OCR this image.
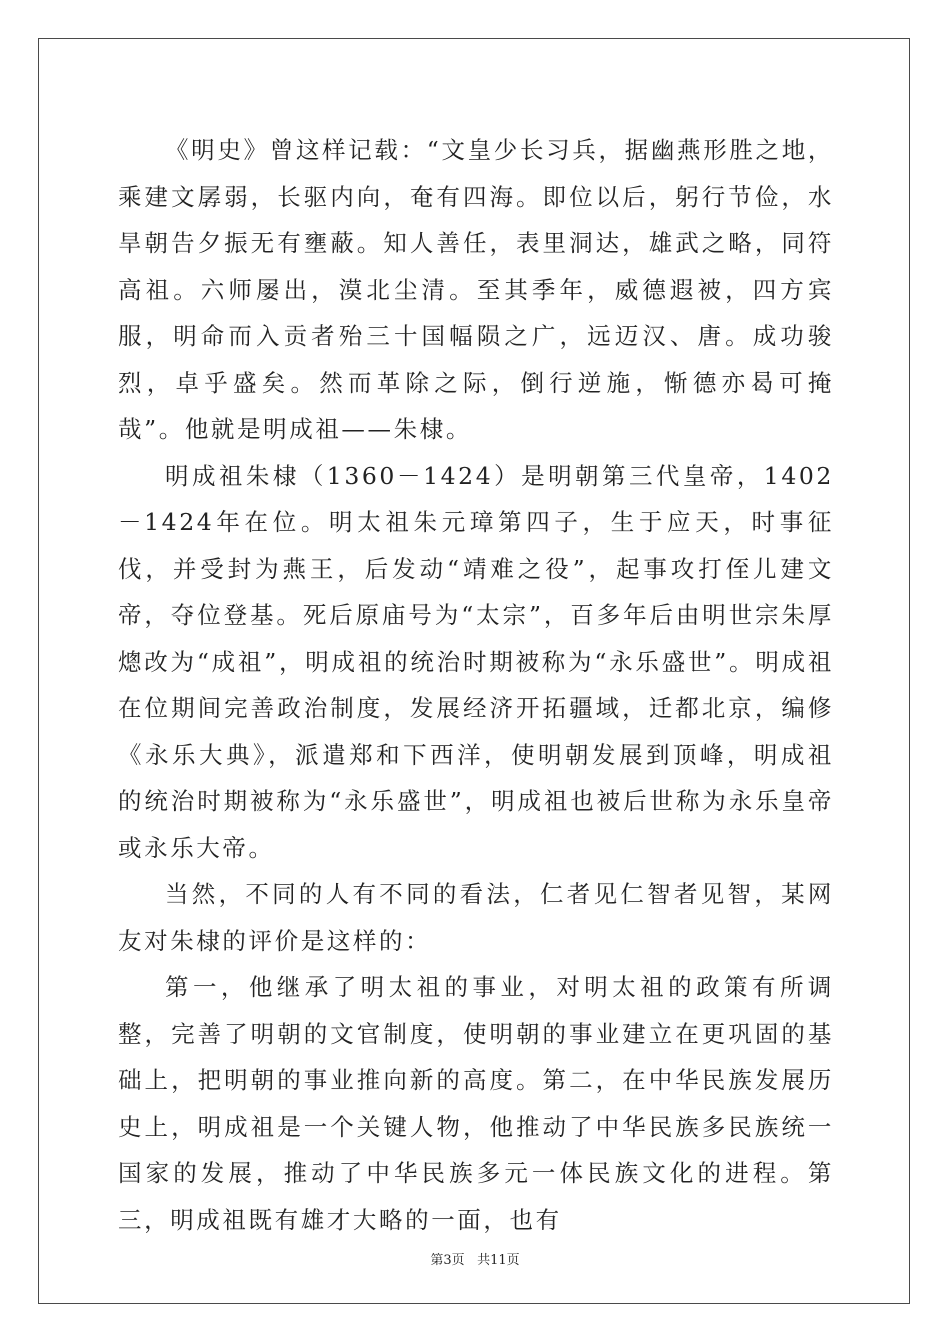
《明史》曾这样记载：“文皇少长习兵，据幽燕形胜之地，乘建文孱弱，长驱内向，奄有四海。即位以后，躬行节俭，水旱朝告夕振无有壅蔽。知人善任，表里洞达，雄武之略，同符高祖。六师屡出，漠北尘清。至其季年，威德遐被，四方宾服，明命而入贡者殆三十国幅陨之广，远迈汉、唐。成功骏烈，卓乎盛矣。然而革除之际，倒行逆施，惭德亦曷可掩哉”。他就是明成祖——朱棣。

明成祖朱棣（1360－1424）是明朝第三代皇帝，1402－1424年在位。明太祖朱元璋第四子，生于应天，时事征伐，并受封为燕王，后发动“靖难之役”，起事攻打侄儿建文帝，夺位登基。死后原庙号为“太宗”，百多年后由明世宗朱厚熜改为“成祖”，明成祖的统治时期被称为“永乐盛世”。明成祖在位期间完善政治制度，发展经济开拓疆域，迁都北京，编修《永乐大典》，派遣郑和下西洋，使明朝发展到顶峰，明成祖的统治时期被称为“永乐盛世”，明成祖也被后世称为永乐皇帝或永乐大帝。

当然，不同的人有不同的看法，仁者见仁智者见智，某网友对朱棣的评价是这样的：

第一，他继承了明太祖的事业，对明太祖的政策有所调整，完善了明朝的文官制度，使明朝的事业建立在更巩固的基础上，把明朝的事业推向新的高度。第二，在中华民族发展历史上，明成祖是一个关键人物，他推动了中华民族多民族统一国家的发展，推动了中华民族多元一体民族文化的进程。第三，明成祖既有雄才大略的一面，也有

第3页 共11页
